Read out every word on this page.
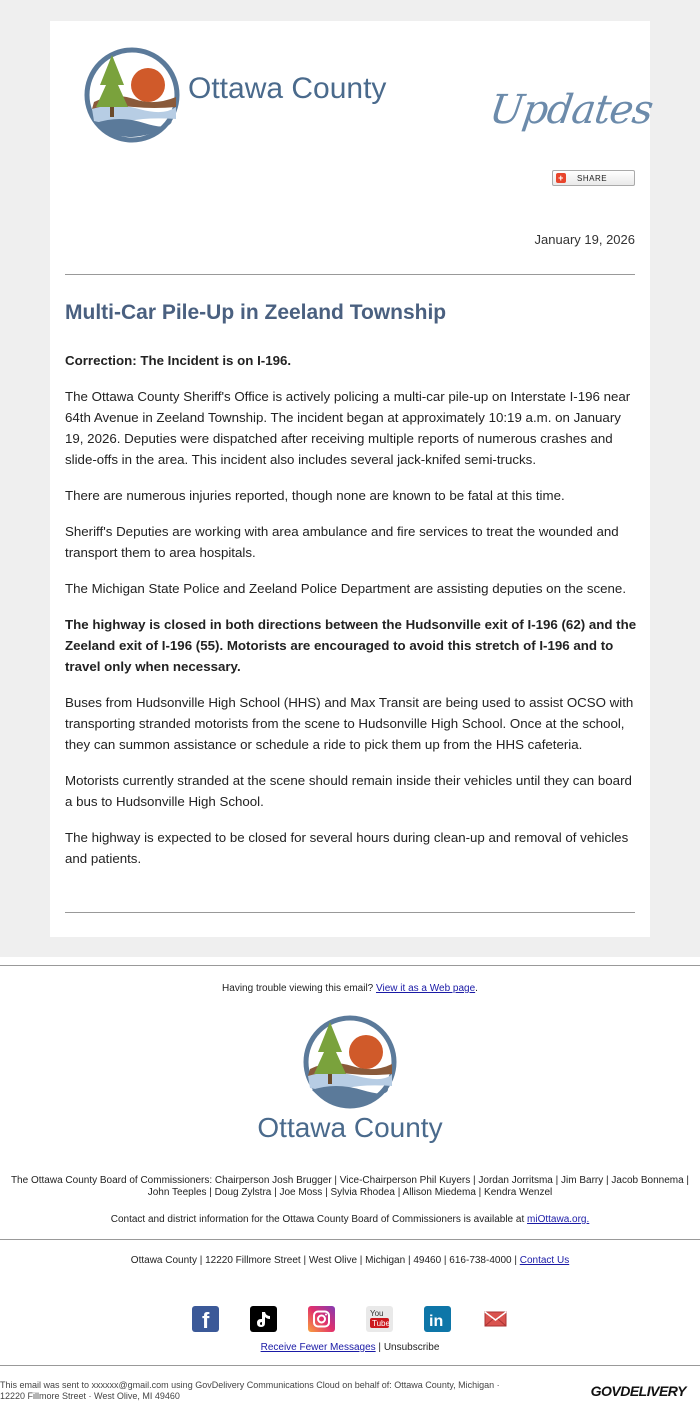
Ottawa County	Updates
+ SHARE
January 19, 2026
Multi-Car Pile-Up in Zeeland Township

Correction: The Incident is on I-196.

The Ottawa County Sheriff's Office is actively policing a multi-car pile-up on Interstate I-196 near 64th Avenue in Zeeland Township. The incident began at approximately 10:19 a.m. on January 19, 2026. Deputies were dispatched after receiving multiple reports of numerous crashes and slide-offs in the area. This incident also includes several jack-knifed semi-trucks.

There are numerous injuries reported, though none are known to be fatal at this time.

Sheriff's Deputies are working with area ambulance and fire services to treat the wounded and transport them to area hospitals.

The Michigan State Police and Zeeland Police Department are assisting deputies on the scene.

The highway is closed in both directions between the Hudsonville exit of I-196 (62) and the Zeeland exit of I-196 (55). Motorists are encouraged to avoid this stretch of I-196 and to travel only when necessary.

Buses from Hudsonville High School (HHS) and Max Transit are being used to assist OCSO with transporting stranded motorists from the scene to Hudsonville High School. Once at the school, they can summon assistance or schedule a ride to pick them up from the HHS cafeteria.

Motorists currently stranded at the scene should remain inside their vehicles until they can board a bus to Hudsonville High School.

The highway is expected to be closed for several hours during clean-up and removal of vehicles and patients.

Having trouble viewing this email? View it as a Web page.
Ottawa County
The Ottawa County Board of Commissioners: Chairperson Josh Brugger | Vice-Chairperson Phil Kuyers | Jordan Jorritsma | Jim Barry | Jacob Bonnema | John Teeples | Doug Zylstra | Joe Moss | Sylvia Rhodea | Allison Miedema | Kendra Wenzel
Contact and district information for the Ottawa County Board of Commissioners is available at miOttawa.org.
Ottawa County | 12220 Fillmore Street | West Olive | Michigan | 49460 | 616-738-4000 | Contact Us
f	You
Tube in
Receive Fewer Messages | Unsubscribe
This email was sent to xxxxxx@gmail.com using GovDelivery Communications Cloud on behalf of: Ottawa County, Michigan ·
12220 Fillmore Street · West Olive, MI 49460	GOVDELIVERY
